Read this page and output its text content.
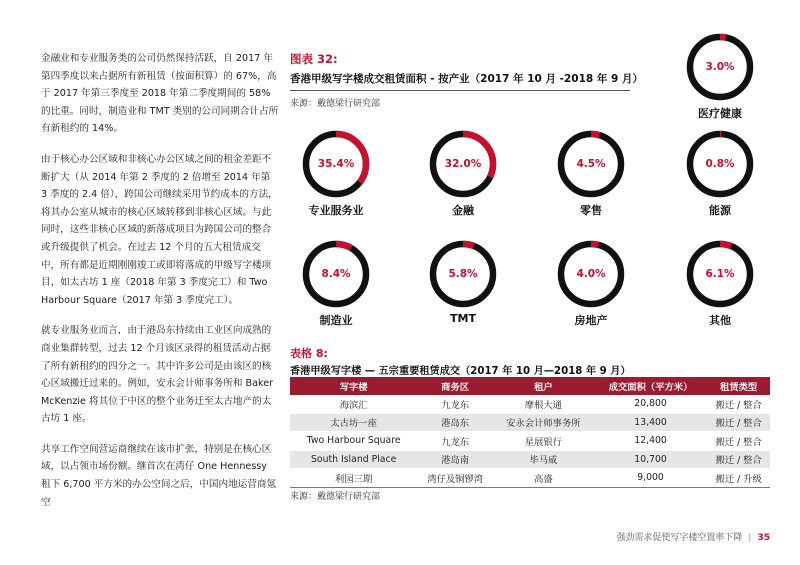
金融业和专业服务类的公司仍然保持活跃，自 2017 年第四季度以来占据所有新租赁（按面积算）的 67%，高于 2017 年第三季度至 2018 年第二季度期间的 58%的比重。同时，制造业和 TMT 类别的公司同期合计占所有新租约的 14%。

由于核心办公区域和非核心办公区域之间的租金差距不断扩大（从 2014 年第 2 季度的 2 倍增至 2014 年第 3 季度的 2.4 倍），跨国公司继续采用节约成本的方法，将其办公室从城市的核心区域转移到非核心区域。与此同时，这些非核心区域的新落成项目为跨国公司的整合或升级提供了机会。在过去 12 个月的五大租赁成交中，所有都是近期刚刚竣工或即将落成的甲级写字楼项目，如太古坊 1 座（2018 年第 3 季度完工）和 Two Harbour Square（2017 年第 3 季度完工）。

就专业服务业而言，由于港岛东持续由工业区向成熟的商业集群转型，过去 12 个月该区录得的租赁活动占据了所有新租约的四分之一。其中许多公司是由该区的核心区域搬迁过来的。例如，安永会计师事务所和 Baker McKenzie 将其位于中区的整个业务迁至太古地产的太古坊 1 座。

共享工作空间营运商继续在该市扩张，特别是在核心区域，以占领市场份额。继首次在湾仔 One Hennessy 租下 6,700 平方米的办公空间之后，中国内地运营商氪空

图表 32:
香港甲级写字楼成交租赁面积 - 按产业（2017 年 10 月 -2018 年 9 月）
来源：戴德梁行研究部
3.0%
医疗健康
35.4%
专业服务业
32.0%
金融
4.5%
零售
0.8%
能源
8.4%
制造业
5.8%
TMT
4.0%
房地产
6.1%
其他
表格 8:
香港甲级写字楼 — 五宗重要租赁成交（2017 年 10 月—2018 年 9 月）
写字楼	商务区	租户	成交面积（平方米）	租赁类型
海滨汇	九龙东	摩根大通	20,800	搬迁 / 整合
太古坊一座	港岛东	安永会计师事务所	13,400	搬迁 / 整合
Two Harbour Square	九龙东	星展银行	12,400	搬迁 / 整合
South Island Place	港岛南	毕马威	10,700	搬迁 / 整合
利园三期	湾仔及铜锣湾	高盛	9,000	搬迁 / 升级
来源：戴德梁行研究部
强劲需求促使写字楼空置率下降 | 35
